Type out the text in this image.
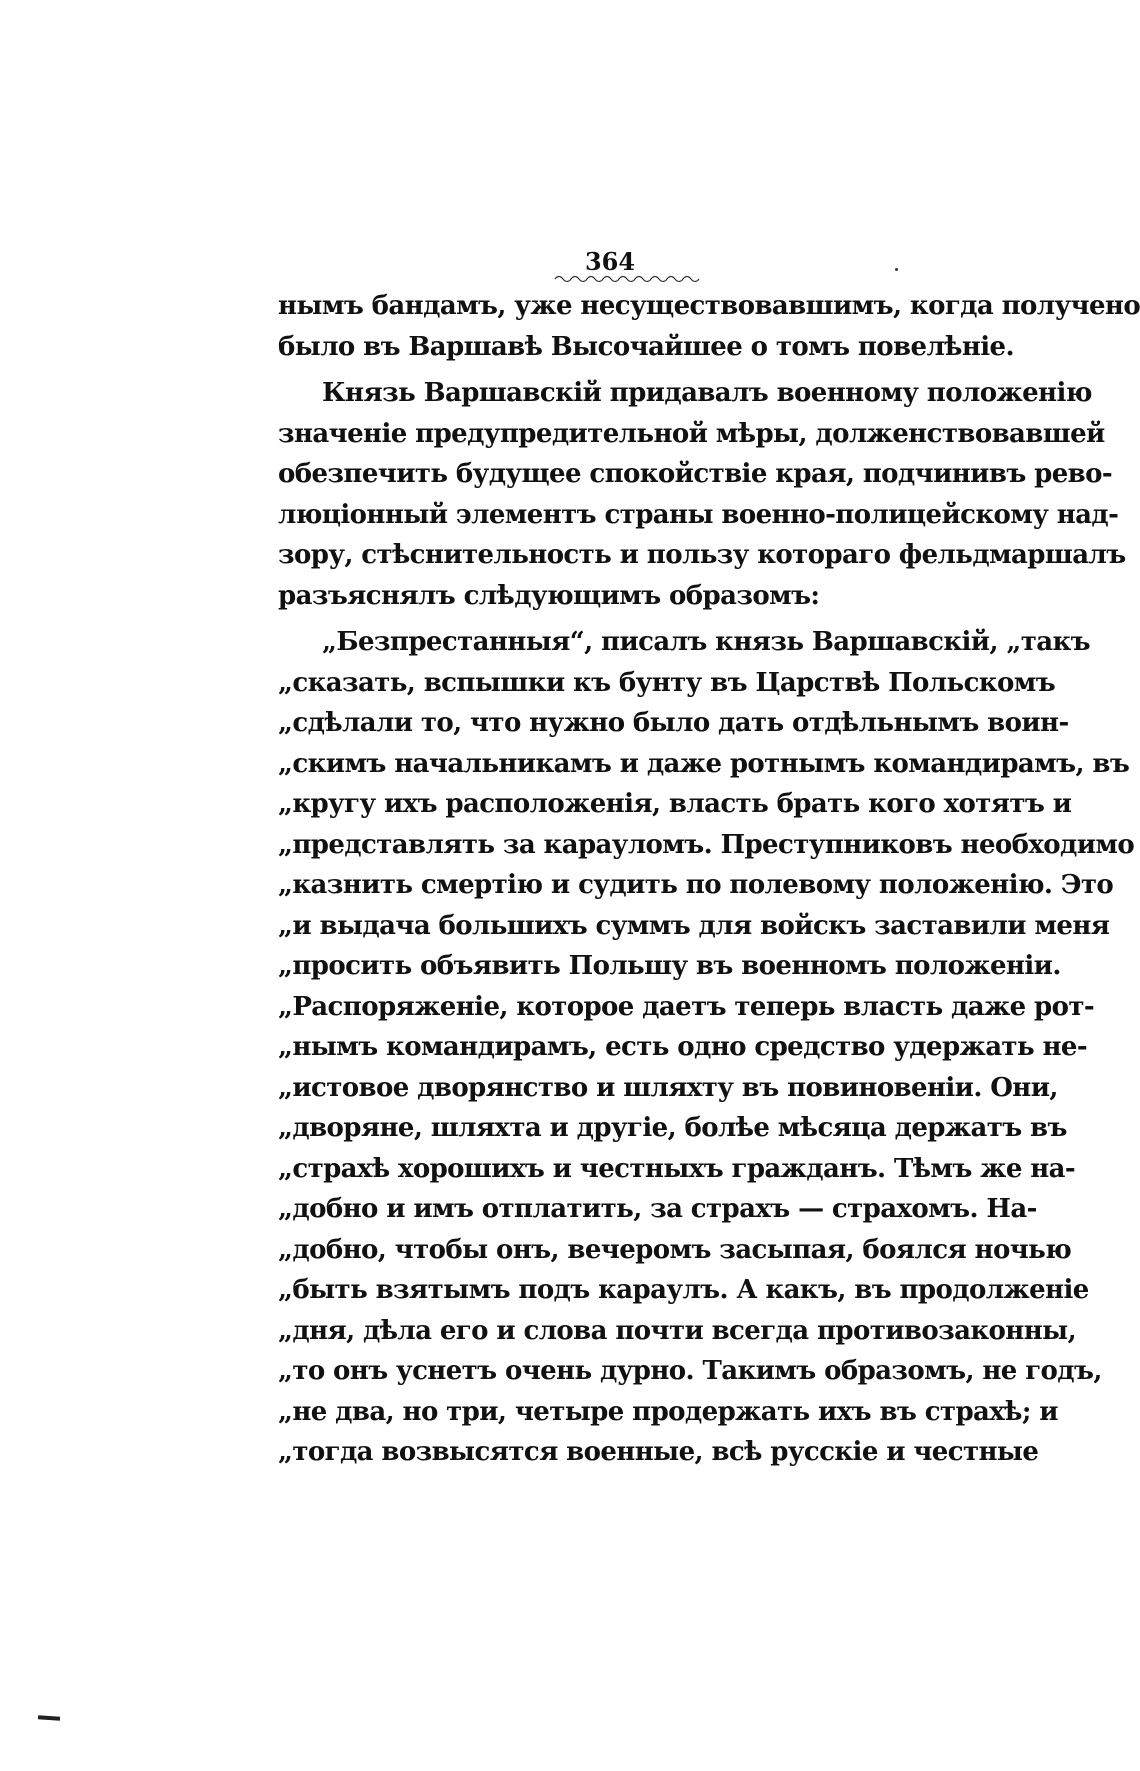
364
нымъ бандамъ, уже несуществовавшимъ, когда получено
было въ Варшавѣ Высочайшее о томъ повелѣніе.
Князь Варшавскій придавалъ военному положенію
значеніе предупредительной мѣры, долженствовавшей
обезпечить будущее спокойствіе края, подчинивъ рево-
люціонный элементъ страны военно-полицейскому над-
зору, стѣснительность и пользу котораго фельдмаршалъ
разъяснялъ слѣдующимъ образомъ:
„Безпрестанныя“, писалъ князь Варшавскій, „такъ
„сказать, вспышки къ бунту въ Царствѣ Польскомъ
„сдѣлали то, что нужно было дать отдѣльнымъ воин-
„скимъ начальникамъ и даже ротнымъ командирамъ, въ
„кругу ихъ расположенія, власть брать кого хотятъ и
„представлять за карауломъ. Преступниковъ необходимо
„казнить смертію и судить по полевому положенію. Это
„и выдача большихъ суммъ для войскъ заставили меня
„просить объявить Польшу въ военномъ положеніи.
„Распоряженіе, которое даетъ теперь власть даже рот-
„нымъ командирамъ, есть одно средство удержать не-
„истовое дворянство и шляхту въ повиновеніи. Они,
„дворяне, шляхта и другіе, болѣе мѣсяца держатъ въ
„страхѣ хорошихъ и честныхъ гражданъ. Тѣмъ же на-
„добно и имъ отплатить, за страхъ — страхомъ. На-
„добно, чтобы онъ, вечеромъ засыпая, боялся ночью
„быть взятымъ подъ караулъ. А какъ, въ продолженіе
„дня, дѣла его и слова почти всегда противозаконны,
„то онъ уснетъ очень дурно. Такимъ образомъ, не годъ,
„не два, но три, четыре продержать ихъ въ страхѣ; и
„тогда возвысятся военные, всѣ русскіе и честные
